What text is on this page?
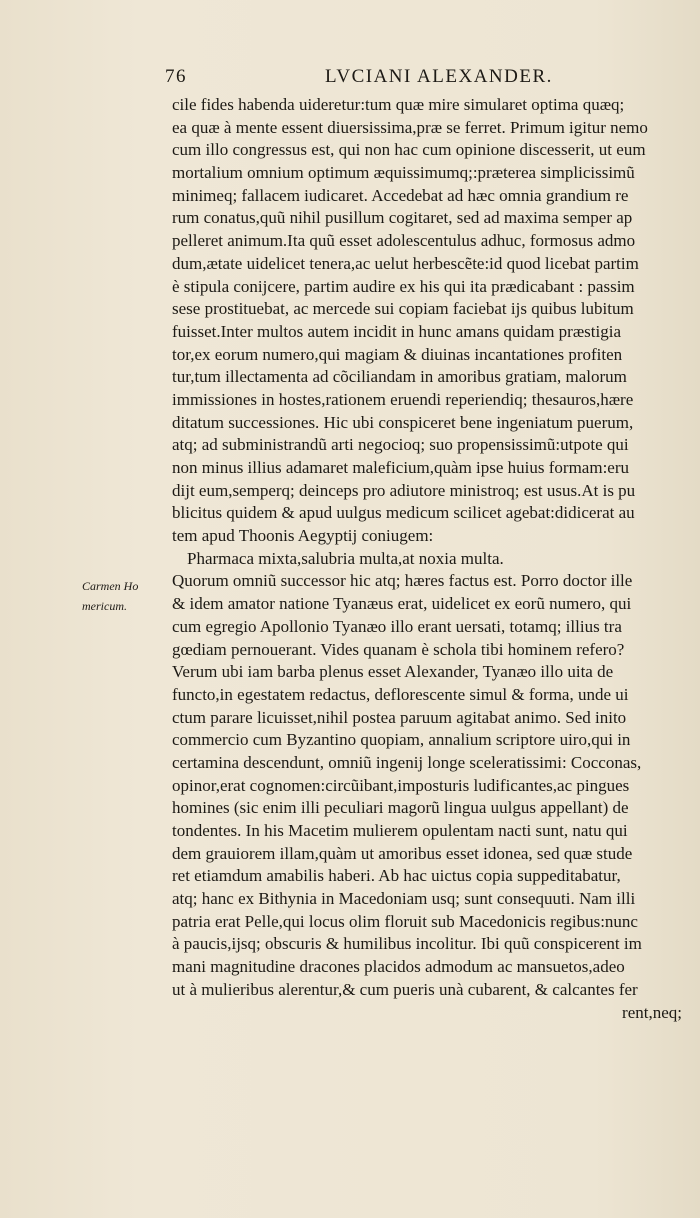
76	LVCIANI ALEXANDER.
Carmen Ho
mericum.
cile fides habenda uideretur:tum quæ mire simularet optima quæq;
ea quæ à mente essent diuersissima,præ se ferret. Primum igitur nemo
cum illo congressus est, qui non hac cum opinione discesserit, ut eum
mortalium omnium optimum æquissimumq;:præterea simplicissimũ
minimeq; fallacem iudicaret. Accedebat ad hæc omnia grandium re
rum conatus,quũ nihil pusillum cogitaret, sed ad maxima semper ap
pelleret animum.Ita quũ esset adolescentulus adhuc, formosus admo
dum,ætate uidelicet tenera,ac uelut herbescẽte:id quod licebat partim
è stipula conijcere, partim audire ex his qui ita prædicabant : passim
sese prostituebat, ac mercede sui copiam faciebat ijs quibus lubitum
fuisset.Inter multos autem incidit in hunc amans quidam præstigia
tor,ex eorum numero,qui magiam & diuinas incantationes profiten
tur,tum illectamenta ad cõciliandam in amoribus gratiam, malorum
immissiones in hostes,rationem eruendi reperiendiq; thesauros,hære
ditatum successiones. Hic ubi conspiceret bene ingeniatum puerum,
atq; ad subministrandũ arti negocioq; suo propensissimũ:utpote qui
non minus illius adamaret maleficium,quàm ipse huius formam:eru
dijt eum,semperq; deinceps pro adiutore ministroq; est usus.At is pu
blicitus quidem & apud uulgus medicum scilicet agebat:didicerat au
tem apud Thoonis Aegyptij coniugem:
Pharmaca mixta,salubria multa,at noxia multa.
Quorum omniũ successor hic atq; hæres factus est. Porro doctor ille
& idem amator natione Tyanæus erat, uidelicet ex eorũ numero, qui
cum egregio Apollonio Tyanæo illo erant uersati, totamq; illius tra
gœdiam pernouerant. Vides quanam è schola tibi hominem refero?
Verum ubi iam barba plenus esset Alexander, Tyanæo illo uita de
functo,in egestatem redactus, deflorescente simul & forma, unde ui
ctum parare licuisset,nihil postea paruum agitabat animo. Sed inito
commercio cum Byzantino quopiam, annalium scriptore uiro,qui in
certamina descendunt, omniũ ingenij longe sceleratissimi: Cocconas,
opinor,erat cognomen:circũibant,imposturis ludificantes,ac pingues
homines (sic enim illi peculiari magorũ lingua uulgus appellant) de
tondentes. In his Macetim mulierem opulentam nacti sunt, natu qui
dem grauiorem illam,quàm ut amoribus esset idonea, sed quæ stude
ret etiamdum amabilis haberi. Ab hac uictus copia suppeditabatur,
atq; hanc ex Bithynia in Macedoniam usq; sunt consequuti. Nam illi
patria erat Pelle,qui locus olim floruit sub Macedonicis regibus:nunc
à paucis,ijsq; obscuris & humilibus incolitur. Ibi quũ conspicerent im
mani magnitudine dracones placidos admodum ac mansuetos,adeo
ut à mulieribus alerentur,& cum pueris unà cubarent, & calcantes fer
rent,neq;
